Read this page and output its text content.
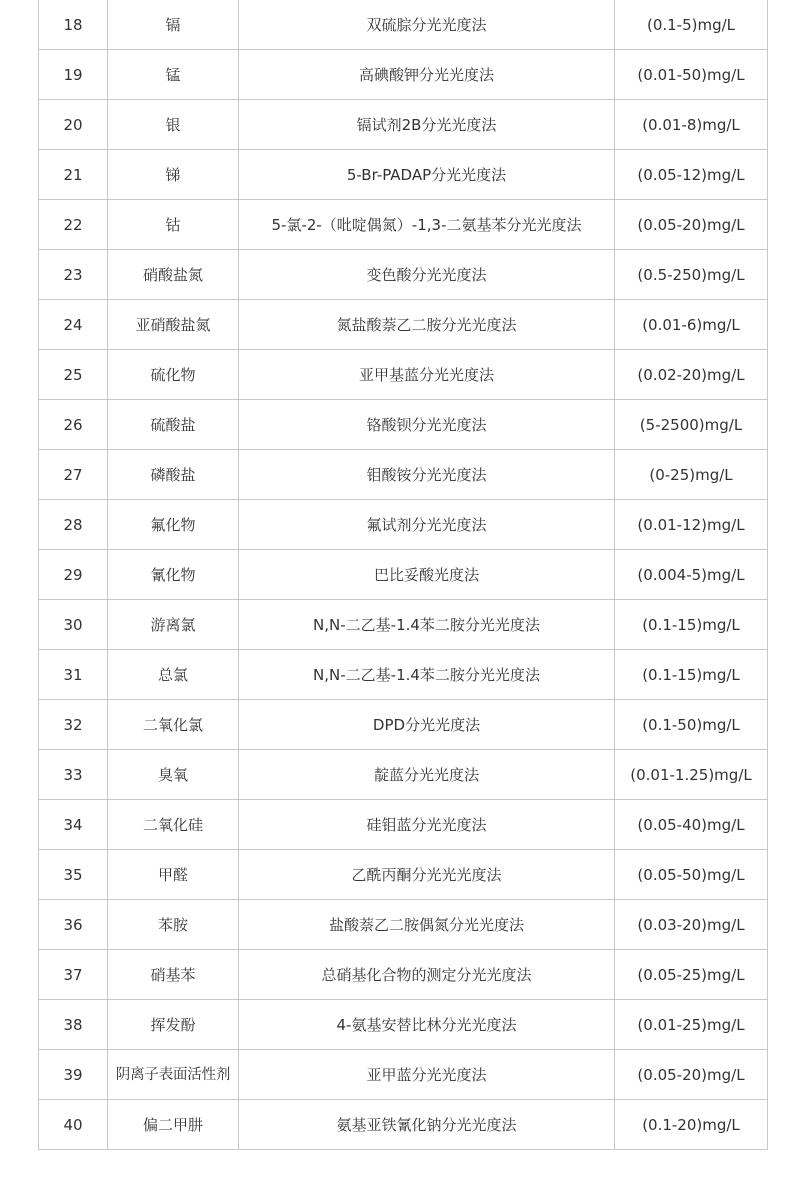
18	镉	双硫腙分光光度法	(0.1-5)mg/L
19	锰	高碘酸钾分光光度法	(0.01-50)mg/L
20	银	镉试剂2B分光光度法	(0.01-8)mg/L
21	锑	5-Br-PADAP分光光度法	(0.05-12)mg/L
22	钴	5-氯-2-（吡啶偶氮）-1,3-二氨基苯分光光度法	(0.05-20)mg/L
23	硝酸盐氮	变色酸分光光度法	(0.5-250)mg/L
24	亚硝酸盐氮	氮盐酸萘乙二胺分光光度法	(0.01-6)mg/L
25	硫化物	亚甲基蓝分光光度法	(0.02-20)mg/L
26	硫酸盐	铬酸钡分光光度法	(5-2500)mg/L
27	磷酸盐	钼酸铵分光光度法	(0-25)mg/L
28	氟化物	氟试剂分光光度法	(0.01-12)mg/L
29	氰化物	巴比妥酸光度法	(0.004-5)mg/L
30	游离氯	N,N-二乙基-1.4苯二胺分光光度法	(0.1-15)mg/L
31	总氯	N,N-二乙基-1.4苯二胺分光光度法	(0.1-15)mg/L
32	二氧化氯	DPD分光光度法	(0.1-50)mg/L
33	臭氧	靛蓝分光光度法	(0.01-1.25)mg/L
34	二氧化硅	硅钼蓝分光光度法	(0.05-40)mg/L
35	甲醛	乙酰丙酮分光光光度法	(0.05-50)mg/L
36	苯胺	盐酸萘乙二胺偶氮分光光度法	(0.03-20)mg/L
37	硝基苯	总硝基化合物的测定分光光度法	(0.05-25)mg/L
38	挥发酚	4-氨基安替比林分光光度法	(0.01-25)mg/L
39	阴离子表面活性剂	亚甲蓝分光光度法	(0.05-20)mg/L
40	偏二甲肼	氨基亚铁氰化钠分光光度法	(0.1-20)mg/L
